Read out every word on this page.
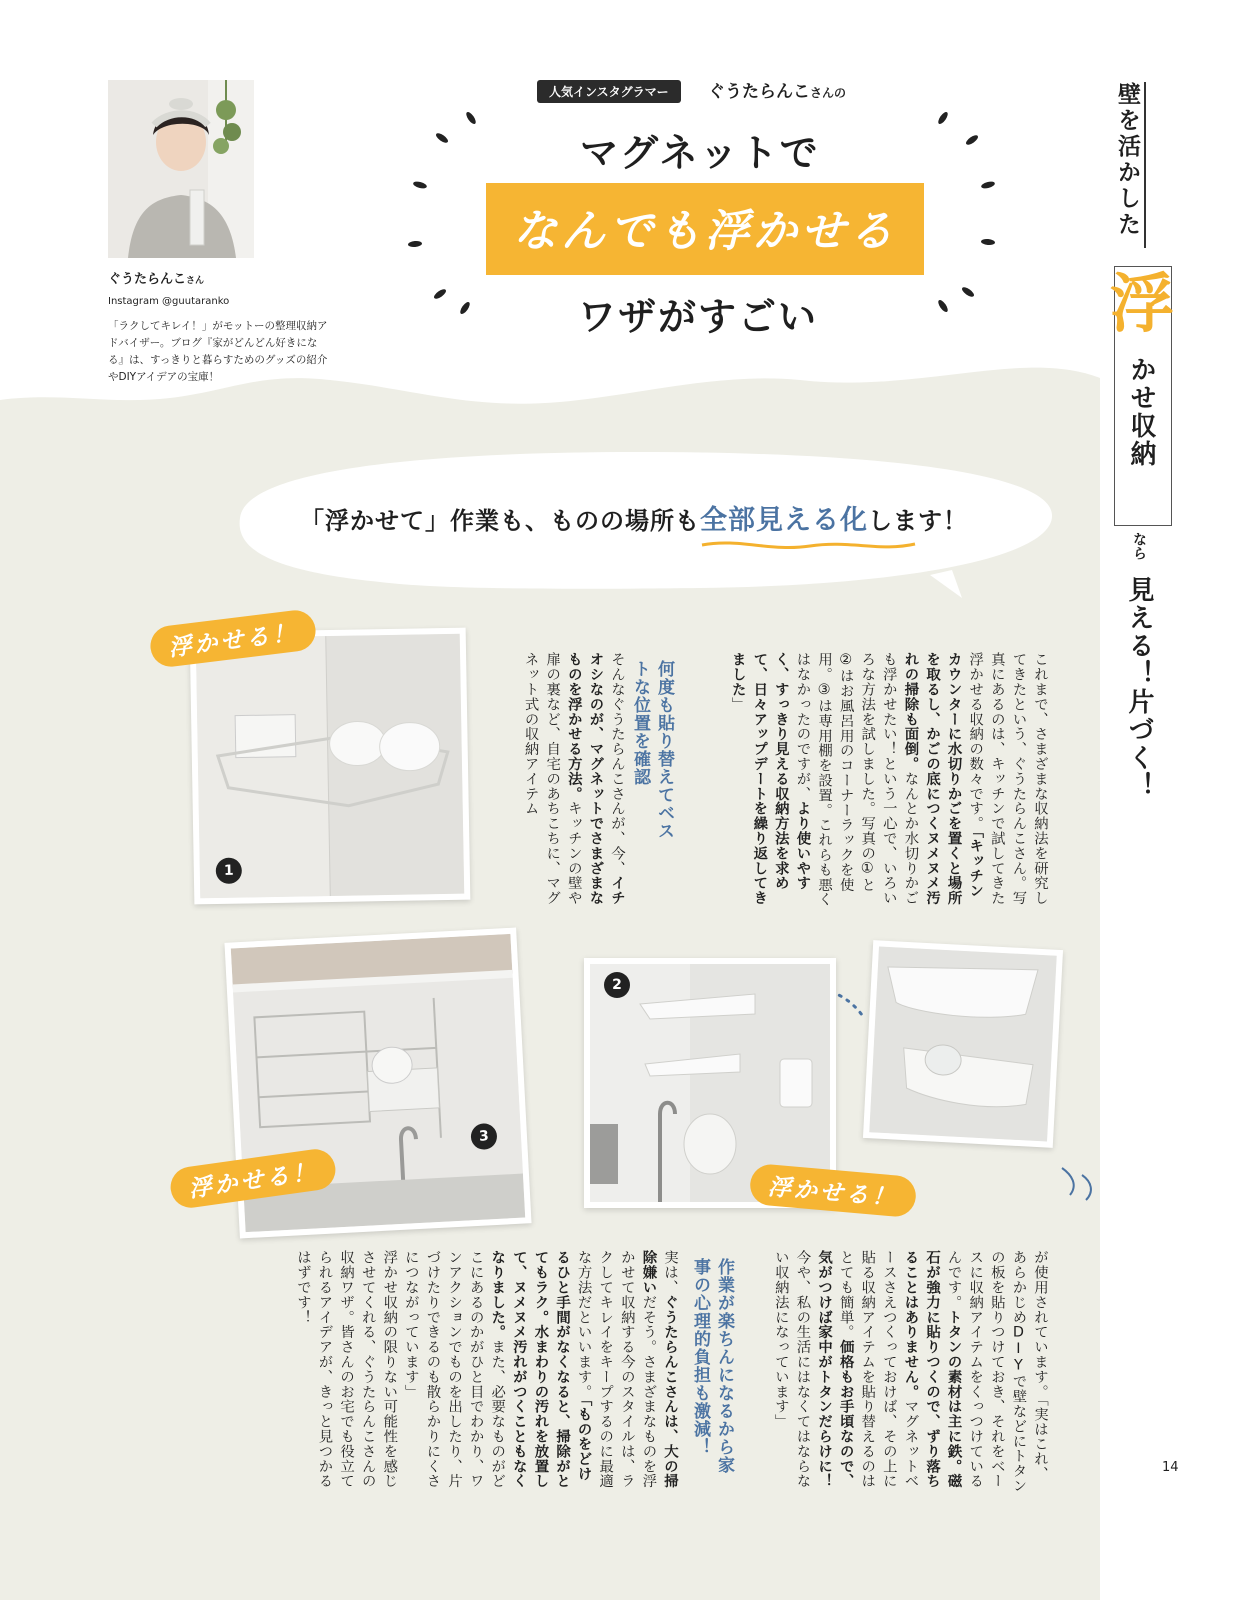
ぐうたらんこさん
Instagram @guutaranko
「ラクしてキレイ！」がモットーの整理収納アドバイザー。ブログ『家がどんどん好きになる』は、すっきりと暮らすためのグッズの紹介やDIYアイデアの宝庫！
人気インスタグラマー	ぐうたらんこさんの
マグネットで
なんでも浮かせる
ワザがすごい
壁を活かした
浮
かせ収納
なら
見える！片づく！
「浮かせて」作業も、ものの場所も全部見える化します！
1
浮かせる！
3
浮かせる！
2
浮かせる！
これまで、さまざまな収納法を研究してきたという、ぐうたらんこさん。写真にあるのは、キッチンで試してきた浮かせる収納の数々です。「キッチンカウンターに水切りかごを置くと場所を取るし、かごの底につくヌメヌメ汚れの掃除も面倒。なんとか水切りかごも浮かせたい！という一心で、いろいろな方法を試しました。写真の①と②はお風呂用のコーナーラックを使用。③は専用棚を設置。これらも悪くはなかったのですが、より使いやすく、すっきり見える収納方法を求めて、日々アップデートを繰り返してきました」
何度も貼り替えてベストな位置を確認
そんなぐうたらんこさんが、今、イチオシなのが、マグネットでさまざまなものを浮かせる方法。キッチンの壁や扉の裏など、自宅のあちこちに、マグネット式の収納アイテム
が使用されています。「実はこれ、あらかじめDIYで壁などにトタンの板を貼りつけておき、それをベースに収納アイテムをくっつけているんです。トタンの素材は主に鉄。磁石が強力に貼りつくので、ずり落ちることはありません。マグネットベースさえつくっておけば、その上に貼る収納アイテムを貼り替えるのはとても簡単。価格もお手頃なので、気がつけば家中がトタンだらけに！今や、私の生活にはなくてはならない収納法になっています」
作業が楽ちんになるから家事の心理的負担も激減！
実は、ぐうたらんこさんは、大の掃除嫌いだそう。さまざまなものを浮かせて収納する今のスタイルは、ラクしてキレイをキープするのに最適な方法だといいます。「ものをどけるひと手間がなくなると、掃除がとてもラク。水まわりの汚れを放置して、ヌメヌメ汚れがつくこともなくなりました。また、必要なものがどこにあるのかがひと目でわかり、ワンアクションでものを出したり、片づけたりできるのも散らかりにくさにつながっています」
浮かせ収納の限りない可能性を感じさせてくれる、ぐうたらんこさんの収納ワザ。皆さんのお宅でも役立てられるアイデアが、きっと見つかるはずです！
14
